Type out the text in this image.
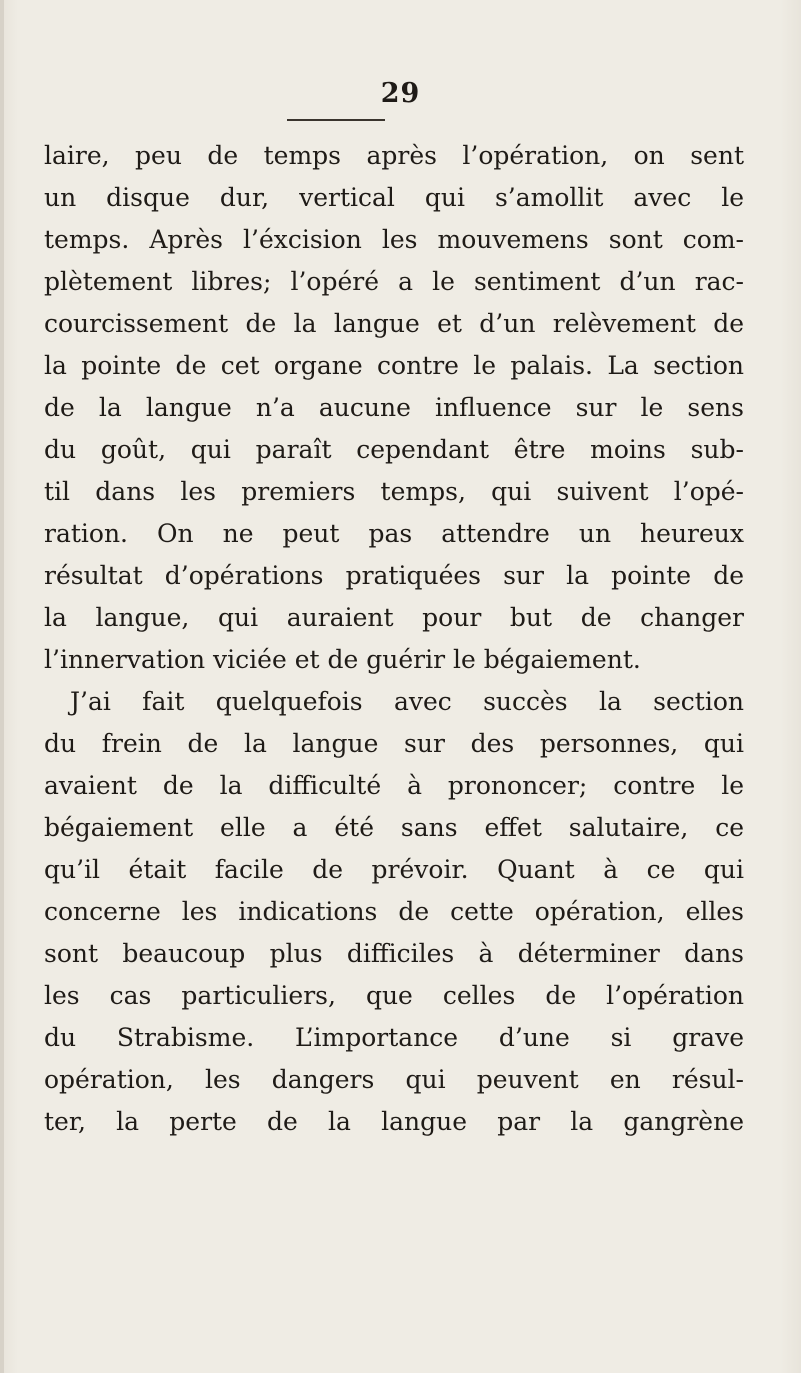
29
laire, peu de temps après l’opération, on sent
un disque dur, vertical qui s’amollit avec le
temps. Après l’éxcision les mouvemens sont com-
plètement libres; l’opéré a le sentiment d’un rac-
courcissement de la langue et d’un relèvement de
la pointe de cet organe contre le palais. La section
de la langue n’a aucune influence sur le sens
du goût, qui paraît cependant être moins sub-
til dans les premiers temps, qui suivent l’opé-
ration. On ne peut pas attendre un heureux
résultat d’opérations pratiquées sur la pointe de
la langue, qui auraient pour but de changer
l’innervation viciée et de guérir le bégaiement.
J’ai fait quelquefois avec succès la section
du frein de la langue sur des personnes, qui
avaient de la difficulté à prononcer; contre le
bégaiement elle a été sans effet salutaire, ce
qu’il était facile de prévoir. Quant à ce qui
concerne les indications de cette opération, elles
sont beaucoup plus difficiles à déterminer dans
les cas particuliers, que celles de l’opération
du Strabisme. L’importance d’une si grave
opération, les dangers qui peuvent en résul-
ter, la perte de la langue par la gangrène
